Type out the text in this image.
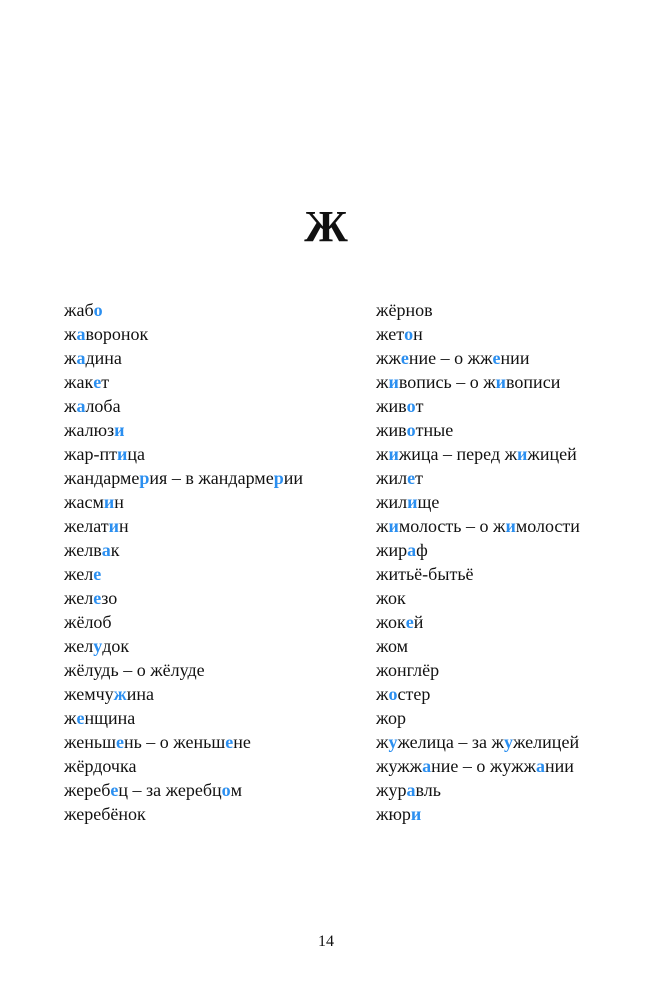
Ж
жабо
жаворонок
жадина
жакет
жалоба
жалюзи
жар-птица
жандармерия – в жандармерии
жасмин
желатин
желвак
желе
железо
жёлоб
желудок
жёлудь – о жёлуде
жемчужина
женщина
женьшень – о женьшене
жёрдочка
жеребец – за жеребцом
жеребёнок
жёрнов
жетон
жжение – о жжении
живопись – о живописи
живот
животные
жижица – перед жижицей
жилет
жилище
жимолость – о жимолости
жираф
житьё-бытьё
жок
жокей
жом
жонглёр
жостер
жор
жужелица – за жужелицей
жужжание – о жужжании
журавль
жюри
14
